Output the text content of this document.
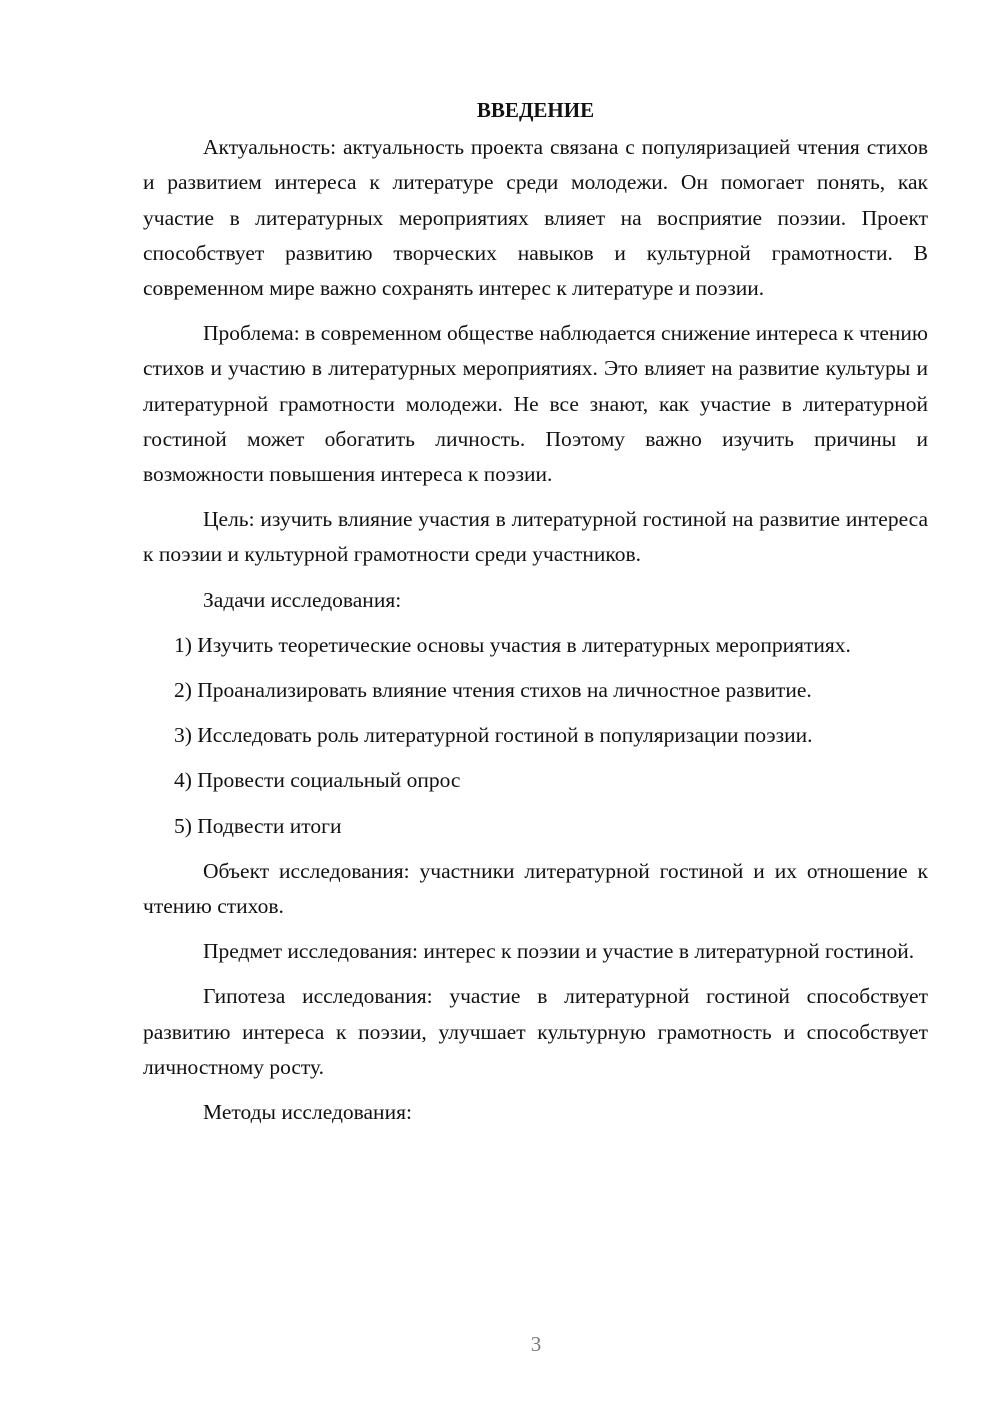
ВВЕДЕНИЕ

Актуальность: актуальность проекта связана с популяризацией чтения стихов и развитием интереса к литературе среди молодежи. Он помогает понять, как участие в литературных мероприятиях влияет на восприятие поэзии. Проект способствует развитию творческих навыков и культурной грамотности. В современном мире важно сохранять интерес к литературе и поэзии.

Проблема: в современном обществе наблюдается снижение интереса к чтению стихов и участию в литературных мероприятиях. Это влияет на развитие культуры и литературной грамотности молодежи. Не все знают, как участие в литературной гостиной может обогатить личность. Поэтому важно изучить причины и возможности повышения интереса к поэзии.

Цель: изучить влияние участия в литературной гостиной на развитие интереса к поэзии и культурной грамотности среди участников.

Задачи исследования:

1) Изучить теоретические основы участия в литературных мероприятиях.

2) Проанализировать влияние чтения стихов на личностное развитие.

3) Исследовать роль литературной гостиной в популяризации поэзии.

4) Провести социальный опрос

5) Подвести итоги

Объект исследования: участники литературной гостиной и их отношение к чтению стихов.

Предмет исследования: интерес к поэзии и участие в литературной гостиной.

Гипотеза исследования: участие в литературной гостиной способствует развитию интереса к поэзии, улучшает культурную грамотность и способствует личностному росту.

Методы исследования:

3
